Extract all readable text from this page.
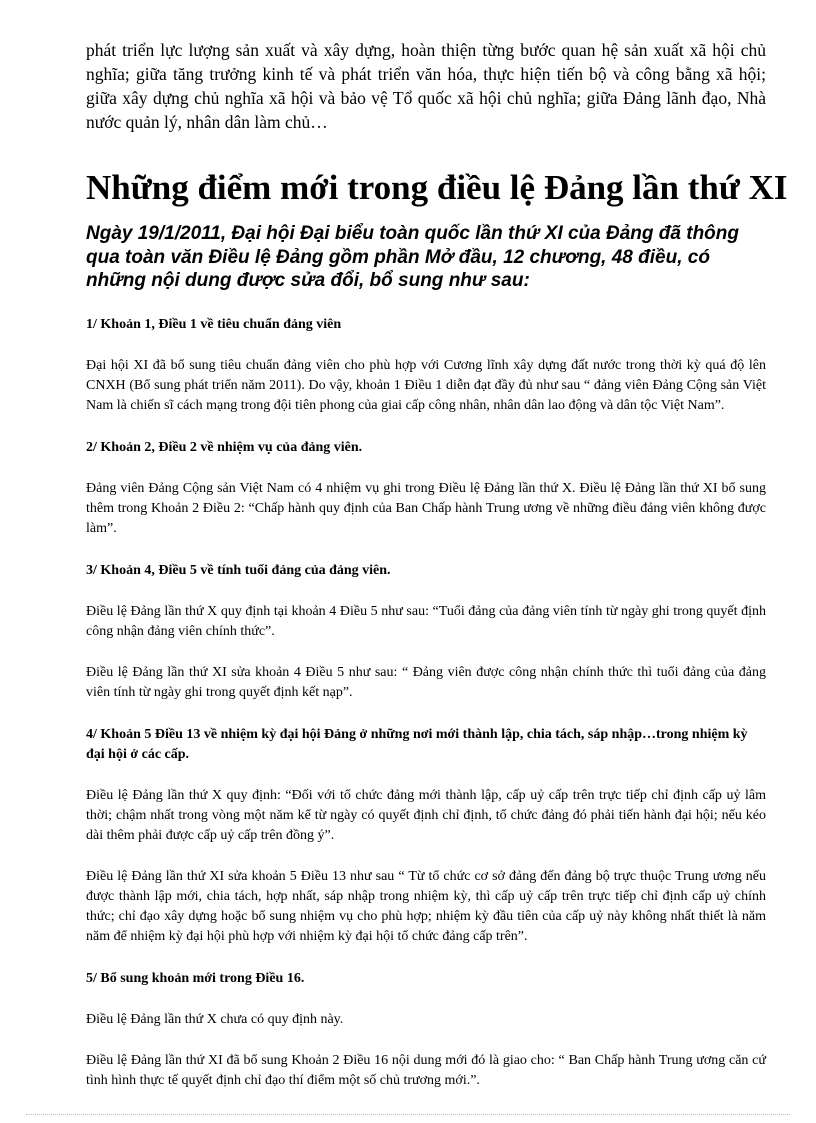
phát triển lực lượng sản xuất và xây dựng, hoàn thiện từng bước quan hệ sản xuất xã hội chủ nghĩa; giữa tăng trưởng kinh tế và phát triển văn hóa, thực hiện tiến bộ và công bằng xã hội; giữa xây dựng chủ nghĩa xã hội và bảo vệ Tổ quốc xã hội chủ nghĩa; giữa Đảng lãnh đạo, Nhà nước quản lý, nhân dân làm chủ…

Những điểm mới trong điều lệ Đảng lần thứ XI

Ngày 19/1/2011, Đại hội Đại biểu toàn quốc lần thứ XI của Đảng đã thông qua toàn văn Điều lệ Đảng gồm phần Mở đầu, 12 chương, 48 điều, có những nội dung được sửa đổi, bổ sung như sau:

1/ Khoản 1, Điều 1 về tiêu chuẩn đảng viên

Đại hội XI đã bổ sung tiêu chuẩn đảng viên cho phù hợp với Cương lĩnh xây dựng đất nước trong thời kỳ quá độ lên CNXH (Bổ sung phát triển năm 2011). Do vậy, khoản 1 Điều 1 diễn đạt đầy đủ như sau “ đảng viên Đảng Cộng sản Việt Nam là chiến sĩ cách mạng trong đội tiên phong của giai cấp công nhân, nhân dân lao động và dân tộc Việt Nam”.

2/ Khoản 2, Điều 2 về nhiệm vụ của đảng viên.

Đảng viên Đảng Cộng sản Việt Nam có 4 nhiệm vụ ghi trong Điều lệ Đảng lần thứ X. Điều lệ Đảng lần thứ XI bổ sung thêm trong Khoản 2 Điều 2: “Chấp hành quy định của Ban Chấp hành Trung ương về những điều đảng viên không được làm”.

3/ Khoản 4, Điều 5 về tính tuổi đảng của đảng viên.

Điều lệ Đảng lần thứ X quy định tại khoản 4 Điều 5 như sau: “Tuổi đảng của đảng viên tính từ ngày ghi trong quyết định công nhận đảng viên chính thức”.

Điều lệ Đảng lần thứ XI sửa khoản 4 Điều 5 như sau: “ Đảng viên được công nhận chính thức thì tuổi đảng của đảng viên tính từ ngày ghi trong quyết định kết nạp”.

4/ Khoản 5 Điều 13 về nhiệm kỳ đại hội Đảng ở những nơi mới thành lập, chia tách, sáp nhập…trong nhiệm kỳ đại hội ở các cấp.

Điều lệ Đảng lần thứ X quy định: “Đối với tổ chức đảng mới thành lập, cấp uỷ cấp trên trực tiếp chỉ định cấp uỷ lâm thời; chậm nhất trong vòng một năm kể từ ngày có quyết định chỉ định, tổ chức đảng đó phải tiến hành đại hội; nếu kéo dài thêm phải được cấp uỷ cấp trên đồng ý”.

Điều lệ Đảng lần thứ XI sửa khoản 5 Điều 13 như sau “ Từ tổ chức cơ sở đảng đến đảng bộ trực thuộc Trung ương nếu được thành lập mới, chia tách, hợp nhất, sáp nhập trong nhiệm kỳ, thì cấp uỷ cấp trên trực tiếp chỉ định cấp uỷ chính thức; chỉ đạo xây dựng hoặc bổ sung nhiệm vụ cho phù hợp; nhiệm kỳ đầu tiên của cấp uỷ này không nhất thiết là năm năm để nhiệm kỳ đại hội phù hợp với nhiệm kỳ đại hội tổ chức đảng cấp trên”.

5/ Bổ sung khoản mới trong Điều 16.

Điều lệ Đảng lần thứ X chưa có quy định này.

Điều lệ Đảng lần thứ XI đã bổ sung Khoản 2 Điều 16 nội dung mới đó là giao cho: “ Ban Chấp hành Trung ương căn cứ tình hình thực tế quyết định chỉ đạo thí điểm một số chủ trương mới.”.
